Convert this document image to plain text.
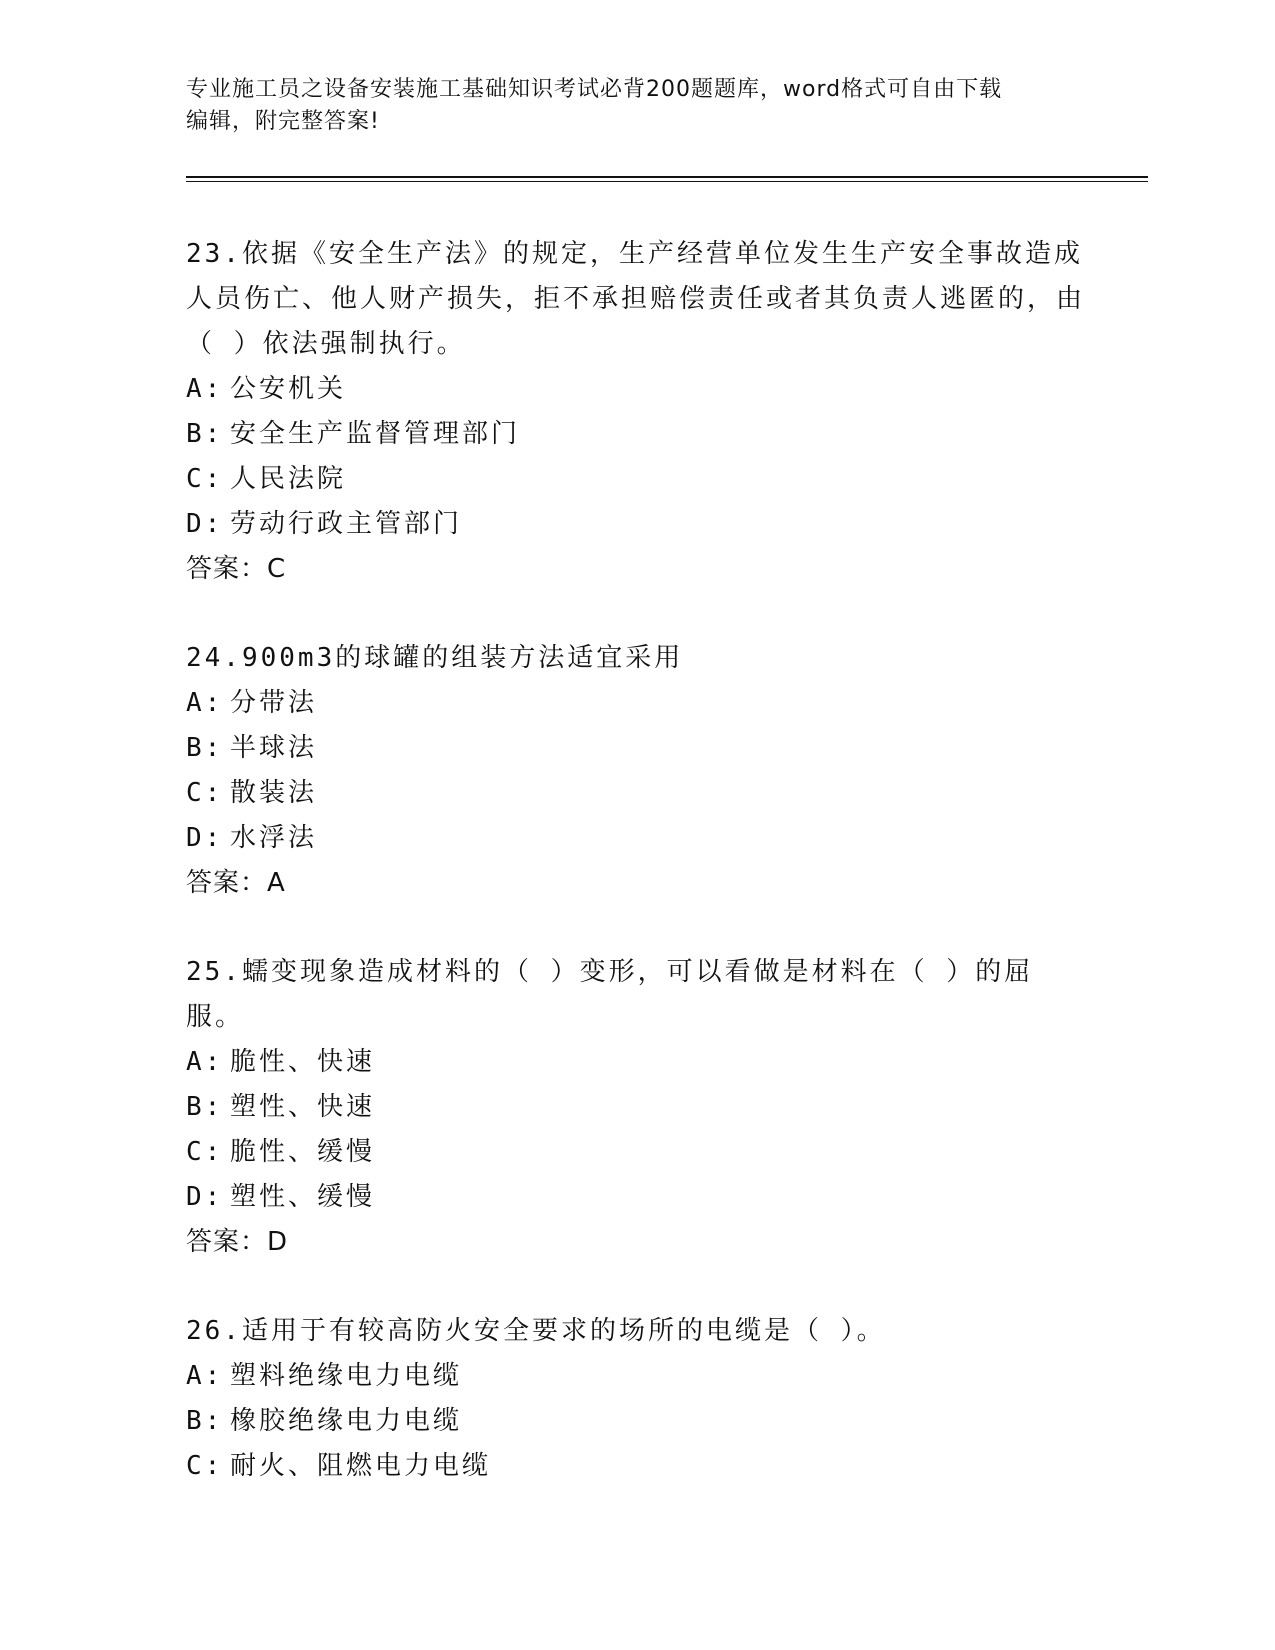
专业施工员之设备安装施工基础知识考试必背200题题库，word格式可自由下载
编辑，附完整答案!

23.依据《安全生产法》的规定，生产经营单位发生生产安全事故造成人员伤亡、他人财产损失，拒不承担赔偿责任或者其负责人逃匿的，由（ ）依法强制执行。

A: 公安机关
B: 安全生产监督管理部门
C: 人民法院
D: 劳动行政主管部门
答案：C

24.900m3的球罐的组装方法适宜采用

A: 分带法
B: 半球法
C: 散装法
D: 水浮法
答案：A

25.蠕变现象造成材料的（ ）变形，可以看做是材料在（ ）的屈服。

A: 脆性、快速
B: 塑性、快速
C: 脆性、缓慢
D: 塑性、缓慢
答案：D

26.适用于有较高防火安全要求的场所的电缆是（ ）。

A: 塑料绝缘电力电缆
B: 橡胶绝缘电力电缆
C: 耐火、阻燃电力电缆
